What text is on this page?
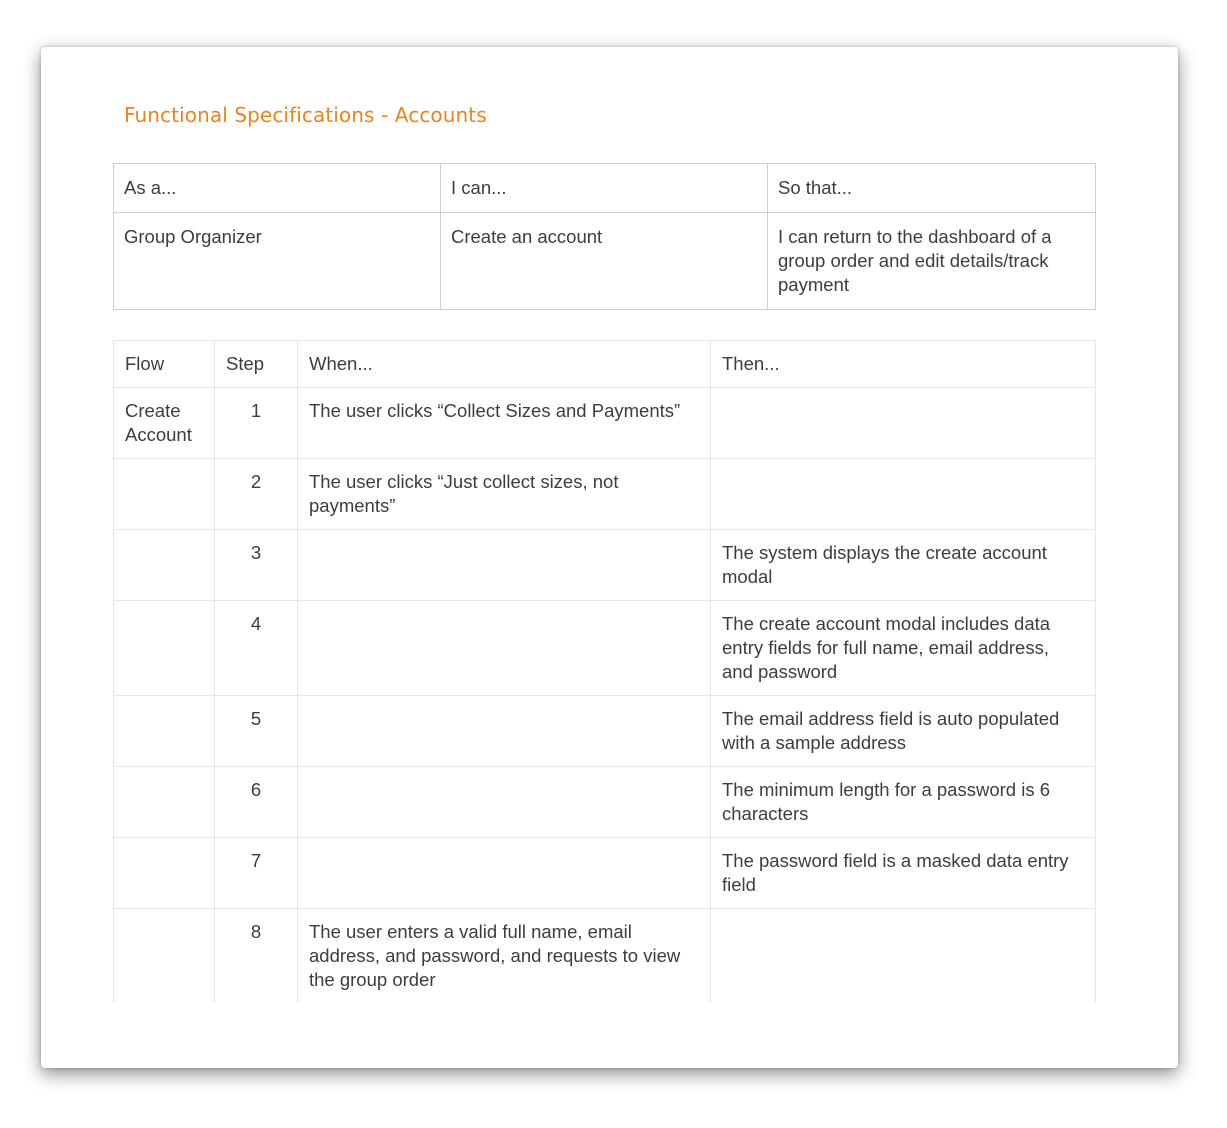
Functional Specifications - Accounts
As a...	I can...	So that...
Group Organizer	Create an account	I can return to the dashboard of a group order and edit details/track payment
Flow	Step	When...	Then...
Create Account	1	The user clicks “Collect Sizes and Payments”	
	2	The user clicks “Just collect sizes, not payments”	
	3		The system displays the create account modal
	4		The create account modal includes data entry fields for full name, email address, and password
	5		The email address field is auto populated with a sample address
	6		The minimum length for a password is 6 characters
	7		The password field is a masked data entry field
	8	The user enters a valid full name, email address, and password, and requests to view the group order	
